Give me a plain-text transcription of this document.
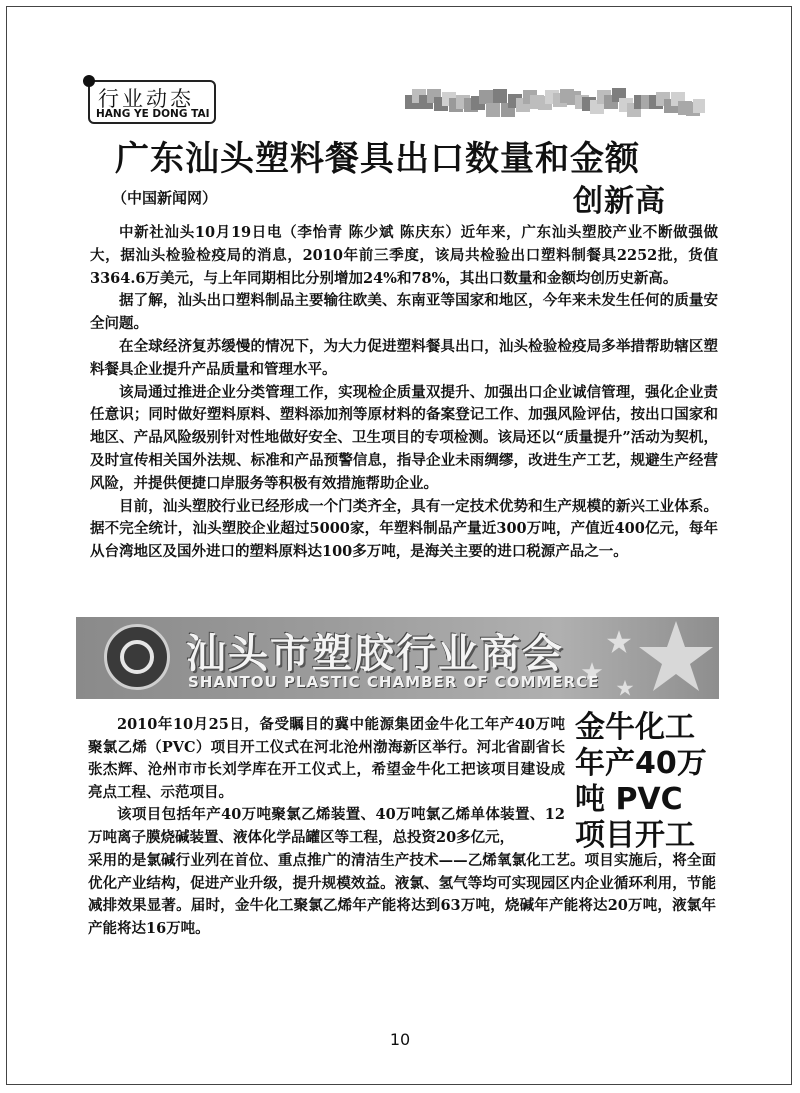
行业动态
HANG YE DONG TAI
广东汕头塑料餐具出口数量和金额
（中国新闻网）	创新高

中新社汕头10月19日电（李怡青 陈少斌 陈庆东）近年来，广东汕头塑胶产业不断做强做大，据汕头检验检疫局的消息，2010年前三季度，该局共检验出口塑料制餐具2252批，货值3364.6万美元，与上年同期相比分别增加24%和78%，其出口数量和金额均创历史新高。

据了解，汕头出口塑料制品主要输往欧美、东南亚等国家和地区，今年来未发生任何的质量安全问题。

在全球经济复苏缓慢的情况下，为大力促进塑料餐具出口，汕头检验检疫局多举措帮助辖区塑料餐具企业提升产品质量和管理水平。

该局通过推进企业分类管理工作，实现检企质量双提升、加强出口企业诚信管理，强化企业责任意识；同时做好塑料原料、塑料添加剂等原材料的备案登记工作、加强风险评估，按出口国家和地区、产品风险级别针对性地做好安全、卫生项目的专项检测。该局还以“质量提升”活动为契机，及时宣传相关国外法规、标准和产品预警信息，指导企业未雨绸缪，改进生产工艺，规避生产经营风险，并提供便捷口岸服务等积极有效措施帮助企业。

目前，汕头塑胶行业已经形成一个门类齐全，具有一定技术优势和生产规模的新兴工业体系。据不完全统计，汕头塑胶企业超过5000家，年塑料制品产量近300万吨，产值近400亿元，每年从台湾地区及国外进口的塑料原料达100多万吨，是海关主要的进口税源产品之一。

汕头市塑胶行业商会
SHANTOU PLASTIC CHAMBER OF COMMERCE
金牛化工
年产40万
吨 PVC
项目开工

2010年10月25日，备受瞩目的冀中能源集团金牛化工年产40万吨聚氯乙烯（PVC）项目开工仪式在河北沧州渤海新区举行。河北省副省长张杰辉、沧州市市长刘学库在开工仪式上，希望金牛化工把该项目建设成亮点工程、示范项目。

该项目包括年产40万吨聚氯乙烯装置、40万吨氯乙烯单体装置、12万吨离子膜烧碱装置、液体化学品罐区等工程，总投资20多亿元，

采用的是氯碱行业列在首位、重点推广的清洁生产技术——乙烯氧氯化工艺。项目实施后，将全面优化产业结构，促进产业升级，提升规模效益。液氯、氢气等均可实现园区内企业循环利用，节能减排效果显著。届时，金牛化工聚氯乙烯年产能将达到63万吨，烧碱年产能将达20万吨，液氯年产能将达16万吨。
10
